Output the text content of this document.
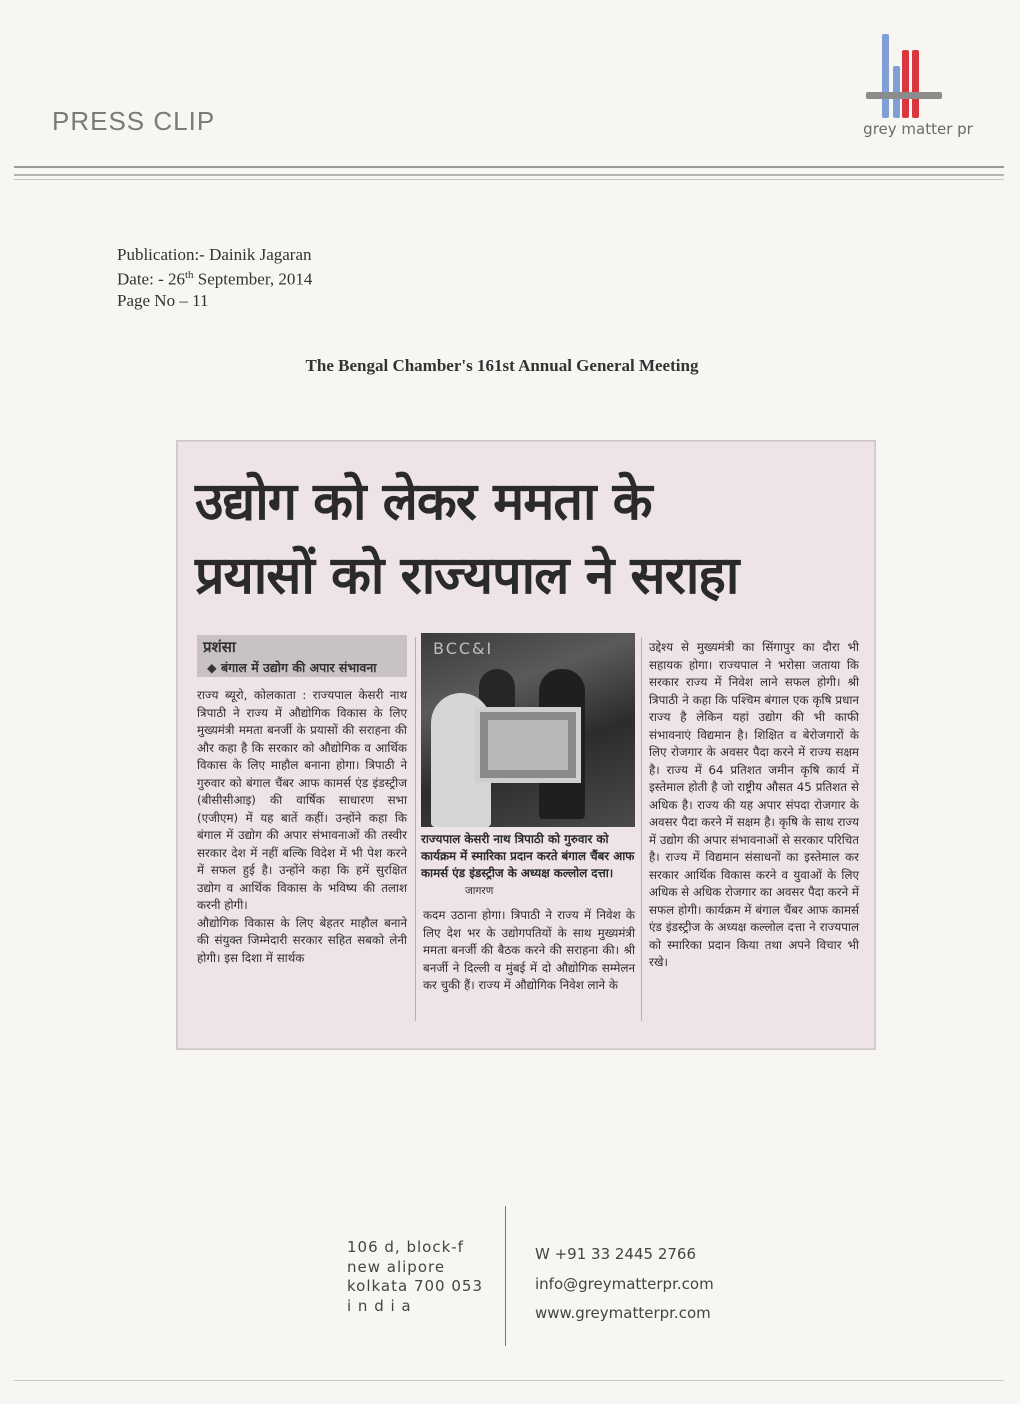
PRESS CLIP	grey matter pr
Publication:- Dainik Jagaran
Date: - 26th September, 2014
Page No – 11
The Bengal Chamber's 161st Annual General Meeting
उद्योग को लेकर ममता के
प्रयासों को राज्यपाल ने सराहा
प्रशंसा
◆ बंगाल में उद्योग की अपार संभावना

राज्य ब्यूरो, कोलकाता : राज्यपाल केसरी नाथ त्रिपाठी ने राज्य में औद्योगिक विकास के लिए मुख्यमंत्री ममता बनर्जी के प्रयासों की सराहना की और कहा है कि सरकार को औद्योगिक व आर्थिक विकास के लिए माहौल बनाना होगा। त्रिपाठी ने गुरुवार को बंगाल चैंबर आफ कामर्स एंड इंडस्ट्रीज (बीसीसीआइ) की वार्षिक साधारण सभा (एजीएम) में यह बातें कहीं। उन्होंने कहा कि बंगाल में उद्योग की अपार संभावनाओं की तस्वीर सरकार देश में नहीं बल्कि विदेश में भी पेश करने में सफल हुई है। उन्होंने कहा कि हमें सुरक्षित उद्योग व आर्थिक विकास के भविष्य की तलाश करनी होगी।

औद्योगिक विकास के लिए बेहतर माहौल बनाने की संयुक्त जिम्मेदारी सरकार सहित सबको लेनी होगी। इस दिशा में सार्थक

BCC&I
राज्यपाल केसरी नाथ त्रिपाठी को गुरुवार को कार्यक्रम में स्मारिका प्रदान करते बंगाल चैंबर आफ कामर्स एंड इंडस्ट्रीज के अध्यक्ष कल्लोल दत्ता।जागरण
कदम उठाना होगा। त्रिपाठी ने राज्य में निवेश के लिए देश भर के उद्योगपतियों के साथ मुख्यमंत्री ममता बनर्जी की बैठक करने की सराहना की। श्री बनर्जी ने दिल्ली व मुंबई में दो औद्योगिक सम्मेलन कर चुकी हैं। राज्य में औद्योगिक निवेश लाने के
उद्देश्य से मुख्यमंत्री का सिंगापुर का दौरा भी सहायक होगा। राज्यपाल ने भरोसा जताया कि सरकार राज्य में निवेश लाने सफल होगी। श्री त्रिपाठी ने कहा कि पश्चिम बंगाल एक कृषि प्रधान राज्य है लेकिन यहां उद्योग की भी काफी संभावनाएं विद्यमान है। शिक्षित व बेरोजगारों के लिए रोजगार के अवसर पैदा करने में राज्य सक्षम है। राज्य में 64 प्रतिशत जमीन कृषि कार्य में इस्तेमाल होती है जो राष्ट्रीय औसत 45 प्रतिशत से अधिक है। राज्य की यह अपार संपदा रोजगार के अवसर पैदा करने में सक्षम है। कृषि के साथ राज्य में उद्योग की अपार संभावनाओं से सरकार परिचित है। राज्य में विद्यमान संसाधनों का इस्तेमाल कर सरकार आर्थिक विकास करने व युवाओं के लिए अधिक से अधिक रोजगार का अवसर पैदा करने में सफल होगी। कार्यक्रम में बंगाल चैंबर आफ कामर्स एंड इंडस्ट्रीज के अध्यक्ष कल्लोल दत्ता ने राज्यपाल को स्मारिका प्रदान किया तथा अपने विचार भी रखे।
106 d, block-f
new alipore
kolkata 700 053
i n d i a
W +91 33 2445 2766
info@greymatterpr.com
www.greymatterpr.com
